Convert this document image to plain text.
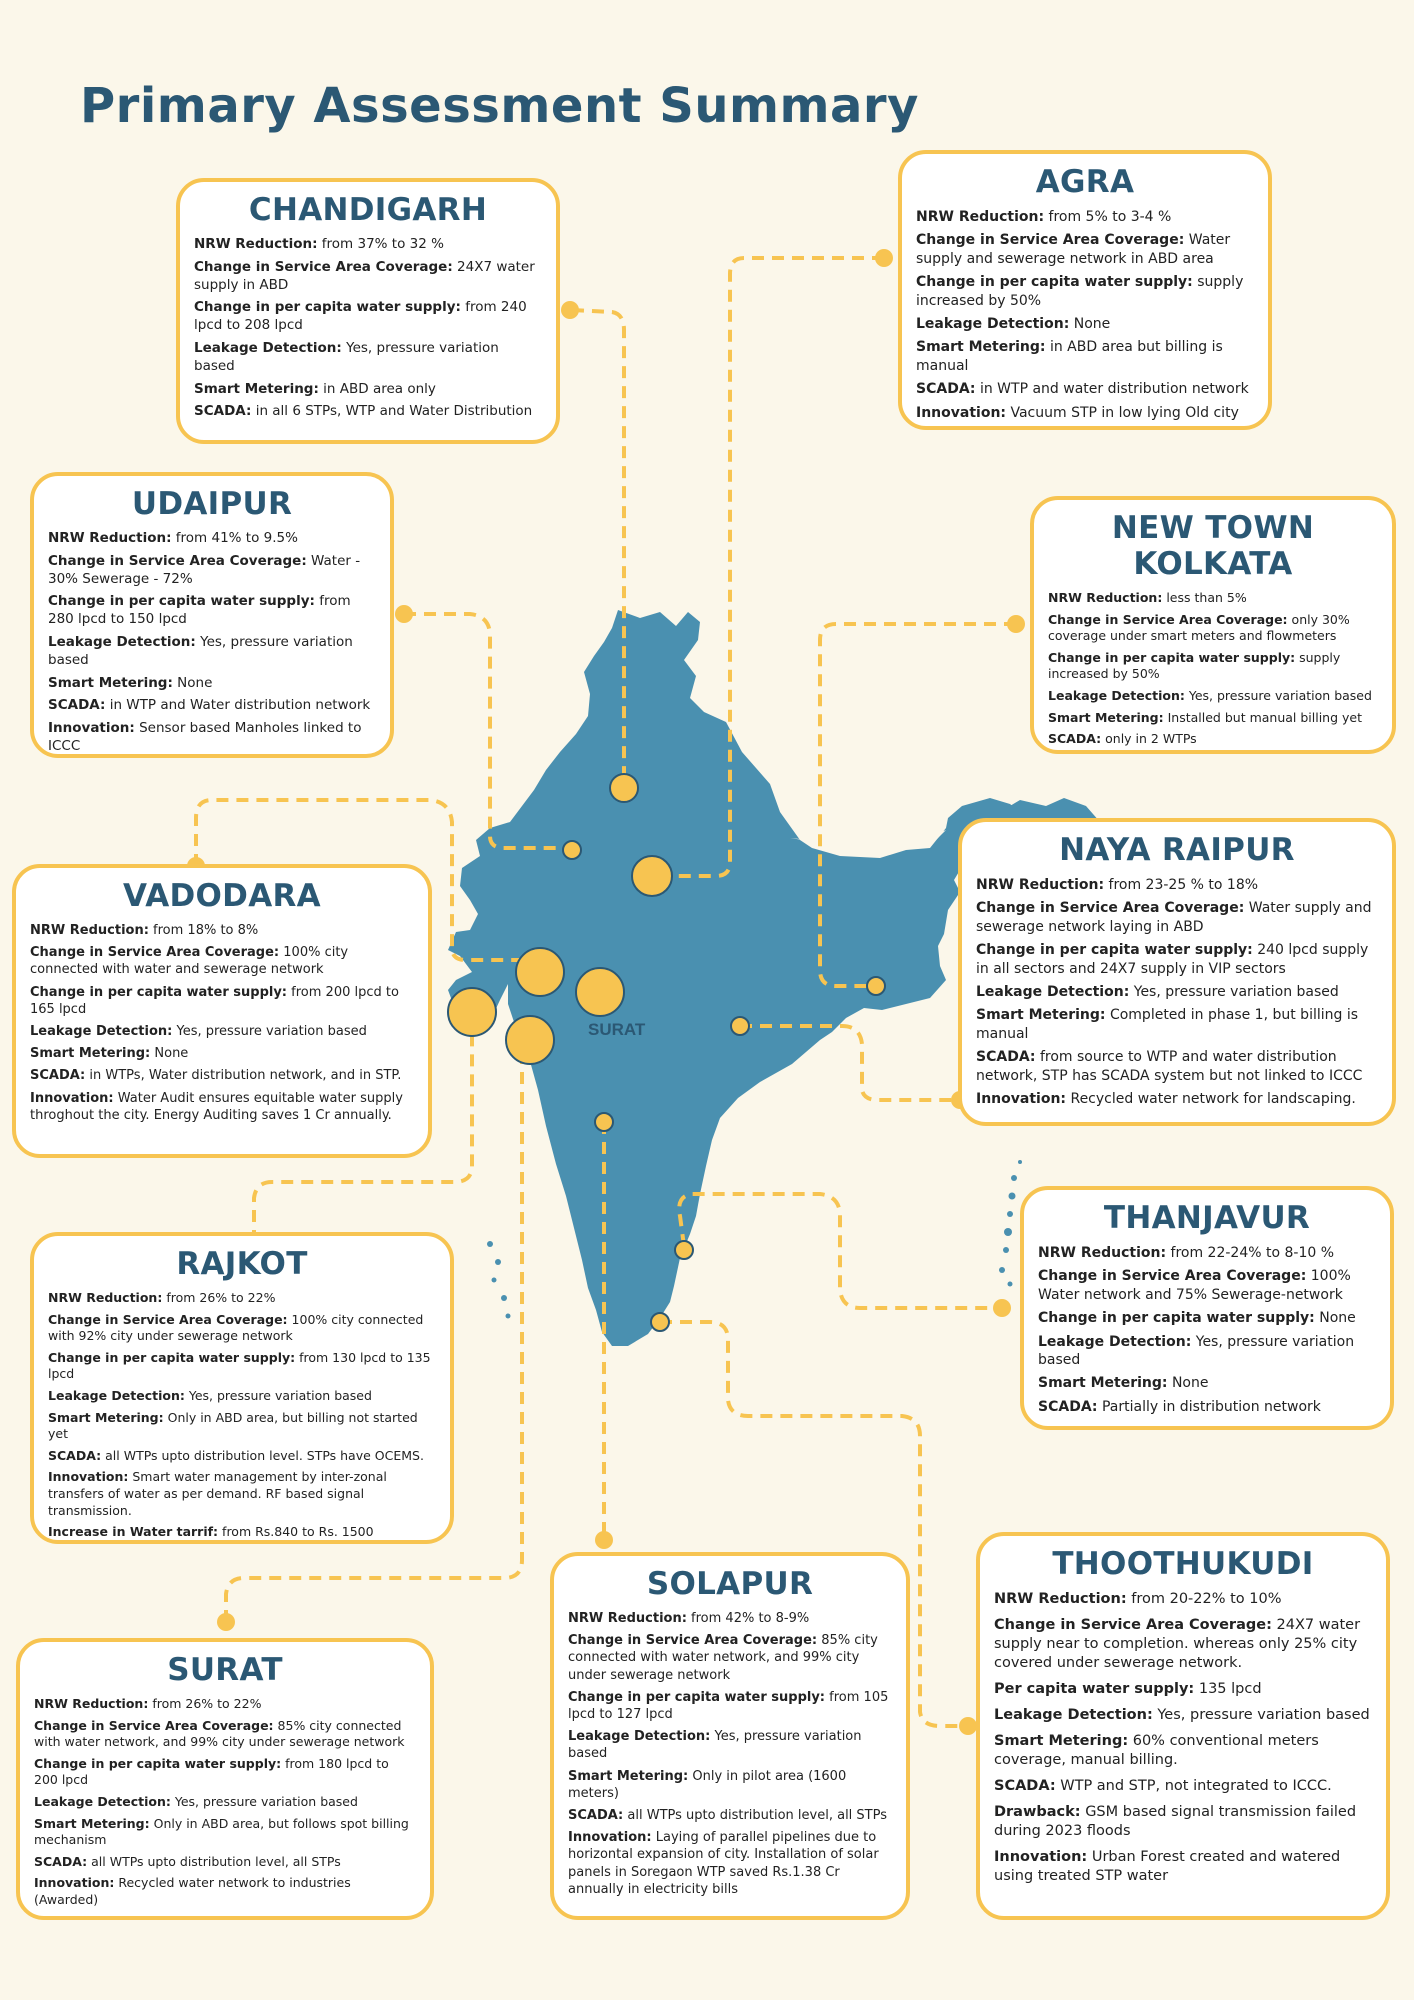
Primary Assessment Summary
SURAT
CHANDIGARH
NRW Reduction: from 37% to 32 %
Change in Service Area Coverage: 24X7 water supply in ABD
Change in per capita water supply: from 240 lpcd to 208 lpcd
Leakage Detection: Yes, pressure variation based
Smart Metering: in ABD area only
SCADA: in all 6 STPs, WTP and Water Distribution
AGRA
NRW Reduction: from 5% to 3-4 %
Change in Service Area Coverage: Water supply and sewerage network in ABD area
Change in per capita water supply: supply increased by 50%
Leakage Detection: None
Smart Metering: in ABD area but billing is manual
SCADA: in WTP and water distribution network
Innovation: Vacuum STP in low lying Old city
UDAIPUR
NRW Reduction: from 41% to 9.5%
Change in Service Area Coverage: Water - 30% Sewerage - 72%
Change in per capita water supply: from 280 lpcd to 150 lpcd
Leakage Detection: Yes, pressure variation based
Smart Metering: None
SCADA: in WTP and Water distribution network
Innovation: Sensor based Manholes linked to ICCC
NEW TOWN KOLKATA
NRW Reduction: less than 5%
Change in Service Area Coverage: only 30% coverage under smart meters and flowmeters
Change in per capita water supply: supply increased by 50%
Leakage Detection: Yes, pressure variation based
Smart Metering: Installed but manual billing yet
SCADA: only in 2 WTPs
VADODARA
NRW Reduction: from 18% to 8%
Change in Service Area Coverage: 100% city connected with water and sewerage network
Change in per capita water supply: from 200 lpcd to 165 lpcd
Leakage Detection: Yes, pressure variation based
Smart Metering: None
SCADA: in WTPs, Water distribution network, and in STP.
Innovation: Water Audit ensures equitable water supply throghout the city. Energy Auditing saves 1 Cr annually.
NAYA RAIPUR
NRW Reduction: from 23-25 % to 18%
Change in Service Area Coverage: Water supply and sewerage network laying in ABD
Change in per capita water supply: 240 lpcd supply in all sectors and 24X7 supply in VIP sectors
Leakage Detection: Yes, pressure variation based
Smart Metering: Completed in phase 1, but billing is manual
SCADA: from source to WTP and water distribution network, STP has SCADA system but not linked to ICCC
Innovation: Recycled water network for landscaping.
RAJKOT
NRW Reduction: from 26% to 22%
Change in Service Area Coverage: 100% city connected with 92% city under sewerage network
Change in per capita water supply: from 130 lpcd to 135 lpcd
Leakage Detection: Yes, pressure variation based
Smart Metering: Only in ABD area, but billing not started yet
SCADA: all WTPs upto distribution level. STPs have OCEMS.
Innovation: Smart water management by inter-zonal transfers of water as per demand. RF based signal transmission.
Increase in Water tarrif: from Rs.840 to Rs. 1500
THANJAVUR
NRW Reduction: from 22-24% to 8-10 %
Change in Service Area Coverage: 100% Water network and 75% Sewerage-network
Change in per capita water supply: None
Leakage Detection: Yes, pressure variation based
Smart Metering: None
SCADA: Partially in distribution network
SURAT
NRW Reduction: from 26% to 22%
Change in Service Area Coverage: 85% city connected with water network, and 99% city under sewerage network
Change in per capita water supply: from 180 lpcd to 200 lpcd
Leakage Detection: Yes, pressure variation based
Smart Metering: Only in ABD area, but follows spot billing mechanism
SCADA: all WTPs upto distribution level, all STPs
Innovation: Recycled water network to industries (Awarded)
SOLAPUR
NRW Reduction: from 42% to 8-9%
Change in Service Area Coverage: 85% city connected with water network, and 99% city under sewerage network
Change in per capita water supply: from 105 lpcd to 127 lpcd
Leakage Detection: Yes, pressure variation based
Smart Metering: Only in pilot area (1600 meters)
SCADA: all WTPs upto distribution level, all STPs
Innovation: Laying of parallel pipelines due to horizontal expansion of city. Installation of solar panels in Soregaon WTP saved Rs.1.38 Cr annually in electricity bills
THOOTHUKUDI
NRW Reduction: from 20-22% to 10%
Change in Service Area Coverage: 24X7 water supply near to completion. whereas only 25% city covered under sewerage network.
Per capita water supply: 135 lpcd
Leakage Detection: Yes, pressure variation based
Smart Metering: 60% conventional meters coverage, manual billing.
SCADA: WTP and STP, not integrated to ICCC.
Drawback: GSM based signal transmission failed during 2023 floods
Innovation: Urban Forest created and watered using treated STP water
